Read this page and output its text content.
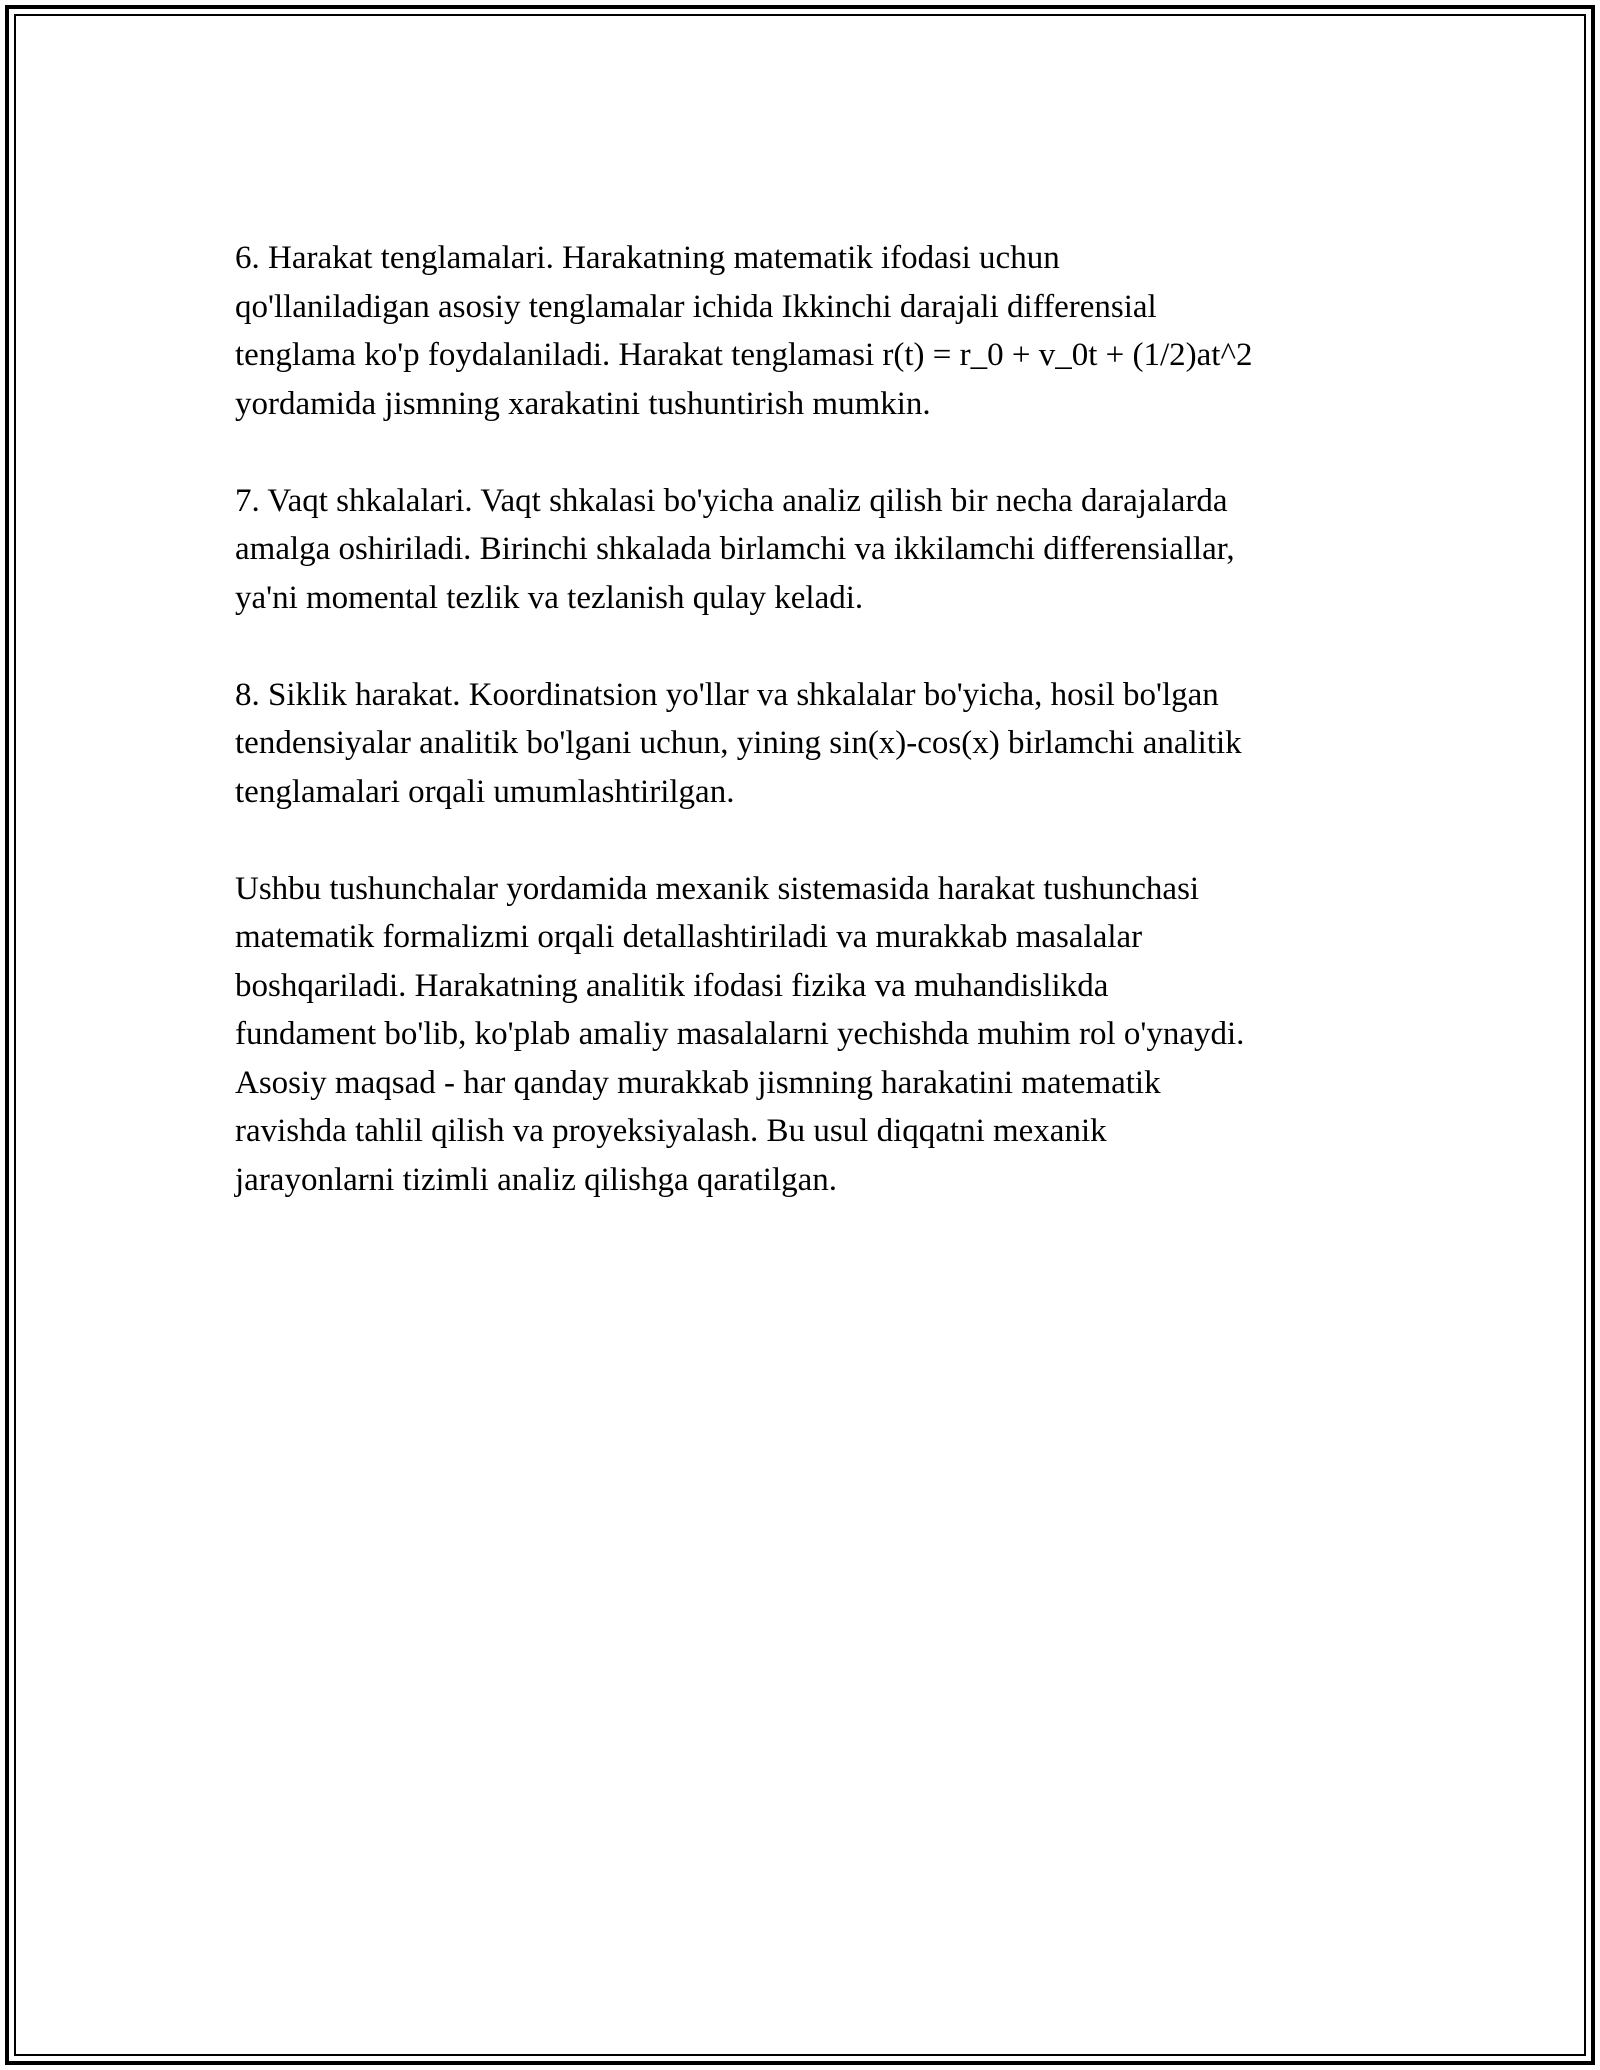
6. Harakat tenglamalari. Harakatning matematik ifodasi uchun
qo'llaniladigan asosiy tenglamalar ichida Ikkinchi darajali differensial
tenglama ko'p foydalaniladi. Harakat tenglamasi r(t) = r_0 + v_0t + (1/2)at^2
yordamida jismning xarakatini tushuntirish mumkin.

7. Vaqt shkalalari. Vaqt shkalasi bo'yicha analiz qilish bir necha darajalarda
amalga oshiriladi. Birinchi shkalada birlamchi va ikkilamchi differensiallar,
ya'ni momental tezlik va tezlanish qulay keladi.

8. Siklik harakat. Koordinatsion yo'llar va shkalalar bo'yicha, hosil bo'lgan
tendensiyalar analitik bo'lgani uchun, yining sin(x)-cos(x) birlamchi analitik
tenglamalari orqali umumlashtirilgan.

Ushbu tushunchalar yordamida mexanik sistemasida harakat tushunchasi
matematik formalizmi orqali detallashtiriladi va murakkab masalalar
boshqariladi. Harakatning analitik ifodasi fizika va muhandislikda
fundament bo'lib, ko'plab amaliy masalalarni yechishda muhim rol o'ynaydi.
Asosiy maqsad - har qanday murakkab jismning harakatini matematik
ravishda tahlil qilish va proyeksiyalash. Bu usul diqqatni mexanik
jarayonlarni tizimli analiz qilishga qaratilgan.
